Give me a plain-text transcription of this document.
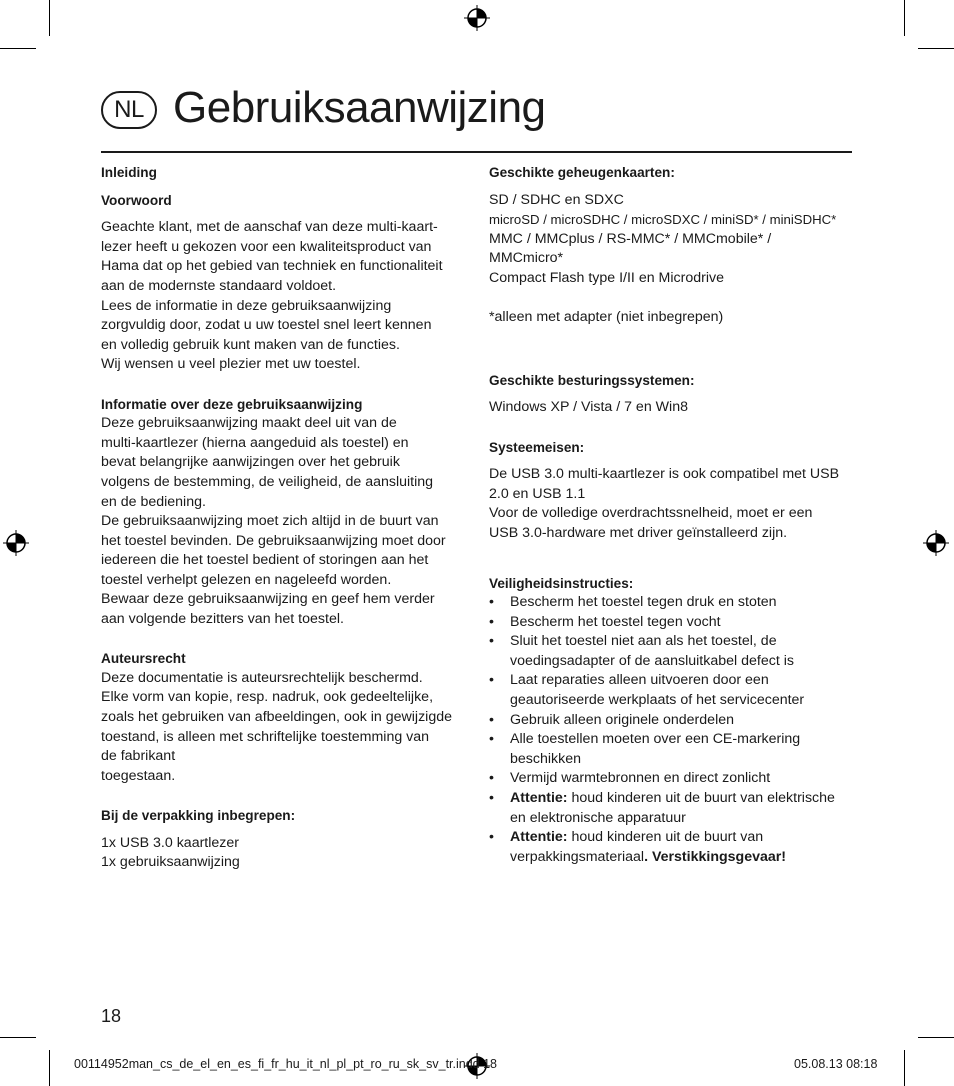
NL Gebruiksaanwijzing

Inleiding

Voorwoord

Geachte klant, met de aanschaf van deze multi-kaart-
lezer heeft u gekozen voor een kwaliteitsproduct van
Hama dat op het gebied van techniek en functionaliteit
aan de modernste standaard voldoet.
Lees de informatie in deze gebruiksaanwijzing
zorgvuldig door, zodat u uw toestel snel leert kennen
en volledig gebruik kunt maken van de functies.
Wij wensen u veel plezier met uw toestel.

Informatie over deze gebruiksaanwijzing

Deze gebruiksaanwijzing maakt deel uit van de
multi-kaartlezer (hierna aangeduid als toestel) en
bevat belangrijke aanwijzingen over het gebruik
volgens de bestemming, de veiligheid, de aansluiting
en de bediening.
De gebruiksaanwijzing moet zich altijd in de buurt van
het toestel bevinden. De gebruiksaanwijzing moet door
iedereen die het toestel bedient of storingen aan het
toestel verhelpt gelezen en nageleefd worden.
Bewaar deze gebruiksaanwijzing en geef hem verder
aan volgende bezitters van het toestel.

Auteursrecht

Deze documentatie is auteursrechtelijk beschermd.
Elke vorm van kopie, resp. nadruk, ook gedeeltelijke,
zoals het gebruiken van afbeeldingen, ook in gewijzigde
toestand, is alleen met schriftelijke toestemming van
de fabrikant
toegestaan.

Bij de verpakking inbegrepen:

1x USB 3.0 kaartlezer
1x gebruiksaanwijzing

Geschikte geheugenkaarten:

SD / SDHC en SDXC

microSD / microSDHC / microSDXC / miniSD* / miniSDHC*

MMC / MMCplus / RS-MMC* / MMCmobile* /
MMCmicro*
Compact Flash type I/II en Microdrive

*alleen met adapter (niet inbegrepen)

Geschikte besturingssystemen:

Windows XP / Vista / 7 en Win8

Systeemeisen:

De USB 3.0 multi-kaartlezer is ook compatibel met USB
2.0 en USB 1.1
Voor de volledige overdrachtssnelheid, moet er een
USB 3.0-hardware met driver geïnstalleerd zijn.

Veiligheidsinstructies:

• Bescherm het toestel tegen druk en stoten
• Bescherm het toestel tegen vocht
• Sluit het toestel niet aan als het toestel, de
voedingsadapter of de aansluitkabel defect is
• Laat reparaties alleen uitvoeren door een
geautoriseerde werkplaats of het servicecenter
• Gebruik alleen originele onderdelen
• Alle toestellen moeten over een CE-markering
beschikken
• Vermijd warmtebronnen en direct zonlicht
• Attentie: houd kinderen uit de buurt van elektrische
en elektronische apparatuur
• Attentie: houd kinderen uit de buurt van
verpakkingsmateriaal. Verstikkingsgevaar!
18
00114952man_cs_de_el_en_es_fi_fr_hu_it_nl_pl_pt_ro_ru_sk_sv_tr.indd 18	05.08.13 08:18
